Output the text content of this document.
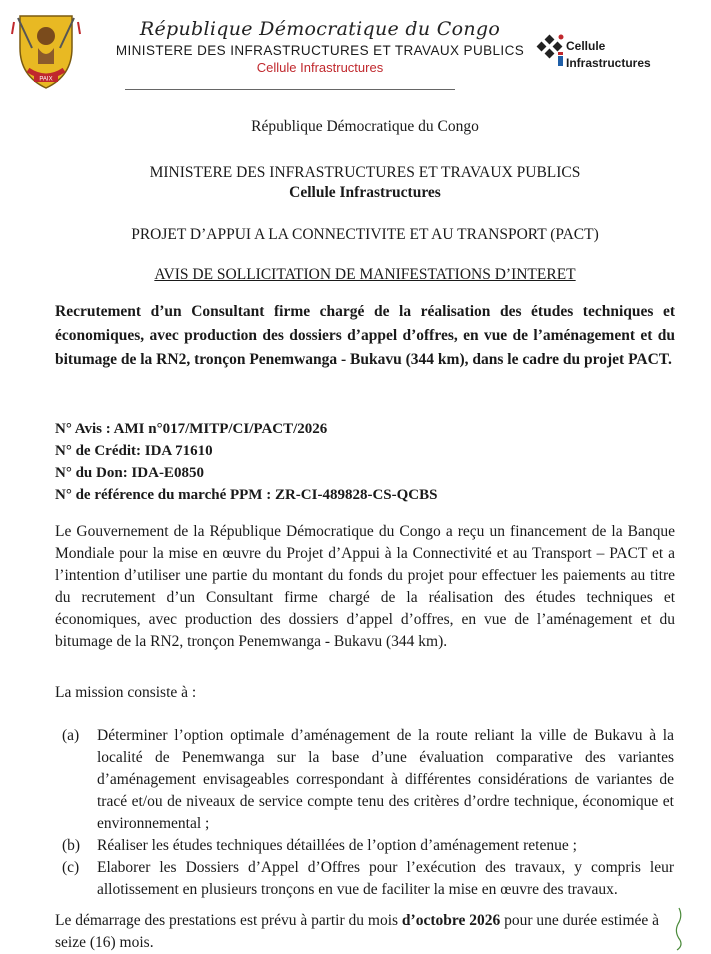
PAIX
République Démocratique du Congo
MINISTERE DES INFRASTRUCTURES ET TRAVAUX PUBLICS
Cellule Infrastructures
Cellule
Infrastructures
République Démocratique du Congo
MINISTERE DES INFRASTRUCTURES ET TRAVAUX PUBLICS
Cellule Infrastructures
PROJET D’APPUI A LA CONNECTIVITE ET AU TRANSPORT (PACT)
AVIS DE SOLLICITATION DE MANIFESTATIONS D’INTERET
Recrutement d’un Consultant firme chargé de la réalisation des études techniques et économiques, avec production des dossiers d’appel d’offres, en vue de l’aménagement et du bitumage de la RN2, tronçon Penemwanga - Bukavu (344 km), dans le cadre du projet PACT.
N° Avis : AMI n°017/MITP/CI/PACT/2026
N° de Crédit: IDA 71610
N° du Don: IDA-E0850
N° de référence du marché PPM : ZR-CI-489828-CS-QCBS
Le Gouvernement de la République Démocratique du Congo a reçu un financement de la Banque Mondiale pour la mise en œuvre du Projet d’Appui à la Connectivité et au Transport – PACT et a l’intention d’utiliser une partie du montant du fonds du projet pour effectuer les paiements au titre du recrutement d’un Consultant firme chargé de la réalisation des études techniques et économiques, avec production des dossiers d’appel d’offres, en vue de l’aménagement et du bitumage de la RN2, tronçon Penemwanga - Bukavu (344 km).
La mission consiste à :
(a)	Déterminer l’option optimale d’aménagement de la route reliant la ville de Bukavu à la localité de Penemwanga sur la base d’une évaluation comparative des variantes d’aménagement envisageables correspondant à différentes considérations de variantes de tracé et/ou de niveaux de service compte tenu des critères d’ordre technique, économique et environnemental ;
(b)	Réaliser les études techniques détaillées de l’option d’aménagement retenue ;
(c)	Elaborer les Dossiers d’Appel d’Offres pour l’exécution des travaux, y compris leur allotissement en plusieurs tronçons en vue de faciliter la mise en œuvre des travaux.
Le démarrage des prestations est prévu à partir du mois d’octobre 2026 pour une durée estimée à seize (16) mois.
